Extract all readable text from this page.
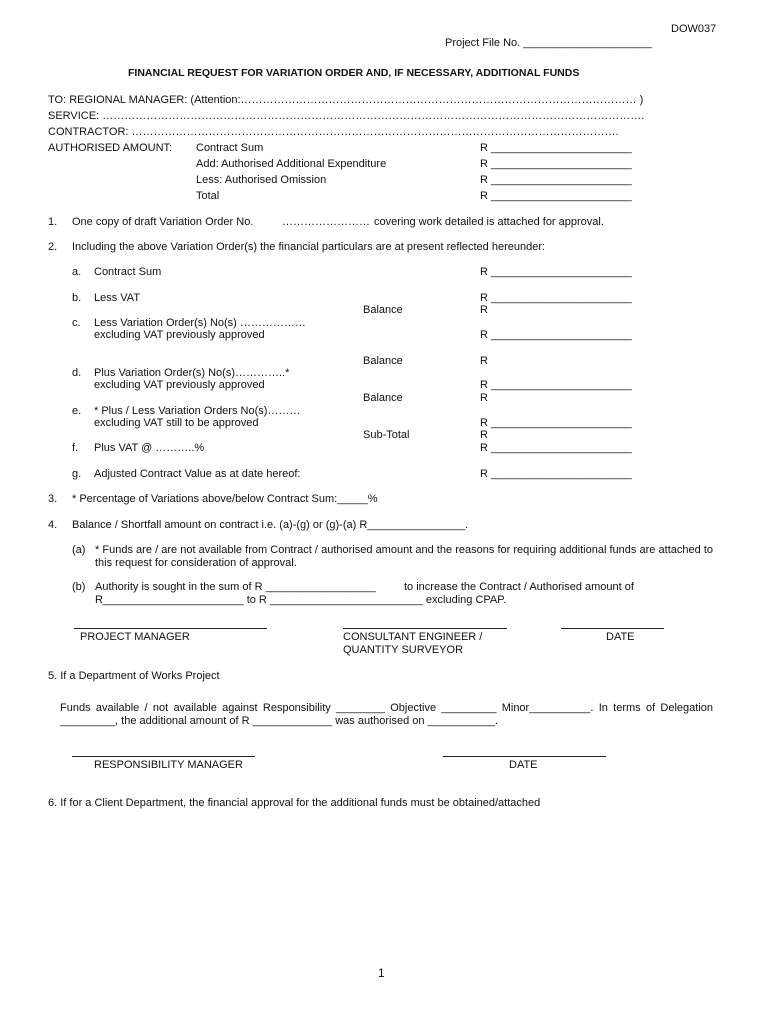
DOW037
Project File No. _____________________
FINANCIAL REQUEST FOR VARIATION ORDER AND, IF NECESSARY, ADDITIONAL FUNDS
TO: REGIONAL MANAGER: (Attention:……………………………………………………………………………………………… )
SERVICE: ………………………………………………………………………………………………………………………………….
CONTRACTOR: …………………………………………………………………………………………………………………….
AUTHORISED AMOUNT: Contract Sum	R _______________________
Add: Authorised Additional Expenditure	R _______________________
Less: Authorised Omission	R _______________________
Total	R _______________________
1. One copy of draft Variation Order No.	…………………… covering work detailed is attached for approval.
2. Including the above Variation Order(s) the financial particulars are at present reflected hereunder:
a. Contract Sum	R _______________________
b. Less VAT	R _______________________
Balance	R
c. Less Variation Order(s) No(s) ………………
excluding VAT previously approved	R _______________________
Balance	R
d. Plus Variation Order(s) No(s)…………..*
excluding VAT previously approved	R _______________________
Balance	R
e. * Plus / Less Variation Orders No(s)………
excluding VAT still to be approved	R _______________________
Sub-Total	R
f. Plus VAT @ ………..%	R _______________________
g. Adjusted Contract Value as at date hereof:	R _______________________
3. * Percentage of Variations above/below Contract Sum:_____%
4. Balance / Shortfall amount on contract i.e. (a)-(g) or (g)-(a) R________________.
(a) * Funds are / are not available from Contract / authorised amount and the reasons for requiring additional funds are attached to this request for consideration of approval.
(b) Authority is sought in the sum of R __________________	to increase the Contract / Authorised amount of
R_______________________ to R _________________________ excluding CPAP.
PROJECT MANAGER	CONSULTANT ENGINEER /
QUANTITY SURVEYOR
DATE
5. If a Department of Works Project
Funds available / not available against Responsibility ________ Objective _________ Minor__________. In terms of Delegation _________, the additional amount of R _____________ was authorised on ___________.
RESPONSIBILITY MANAGER	DATE
6. If for a Client Department, the financial approval for the additional funds must be obtained/attached
1
